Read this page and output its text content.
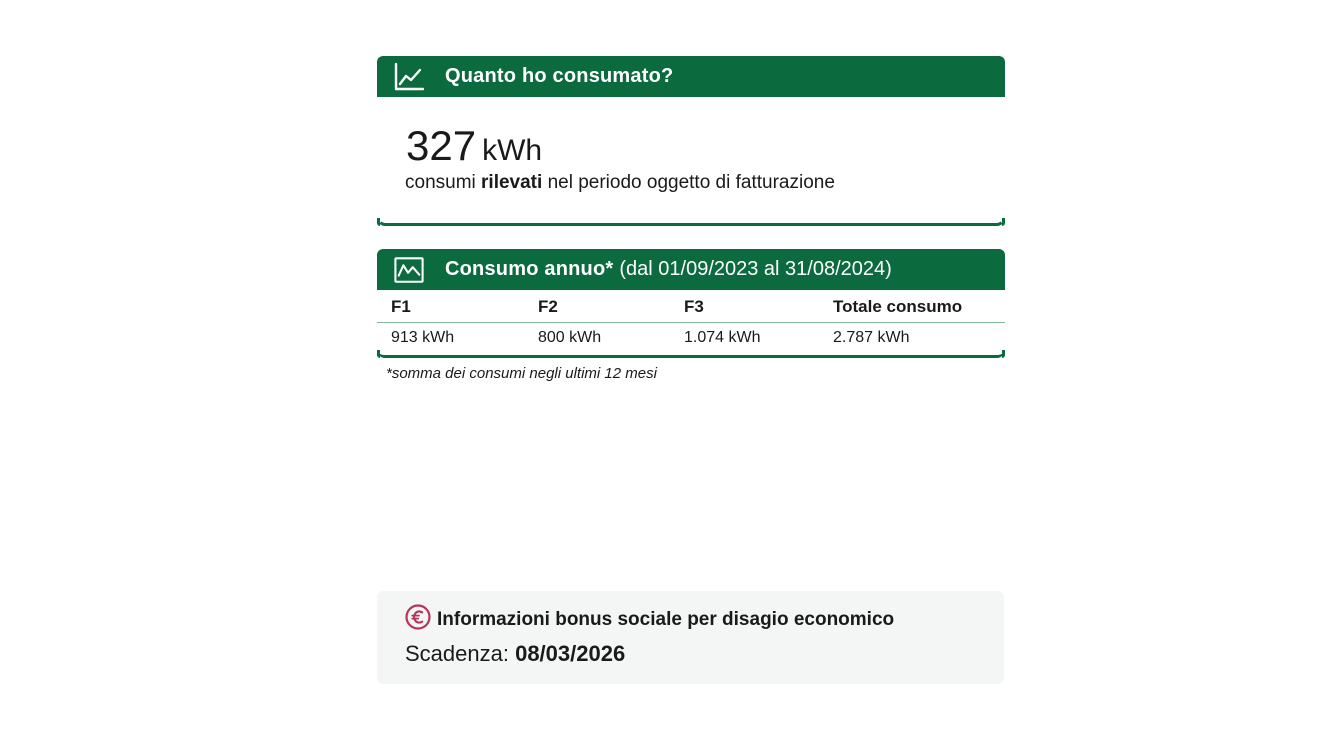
Quanto ho consumato?
327 kWh
consumi rilevati nel periodo oggetto di fatturazione
Consumo annuo* (dal 01/09/2023 al 31/08/2024)
F1	F2	F3	Totale consumo
913 kWh	800 kWh	1.074 kWh	2.787 kWh
*somma dei consumi negli ultimi 12 mesi
Informazioni bonus sociale per disagio economico
Scadenza: 08/03/2026
